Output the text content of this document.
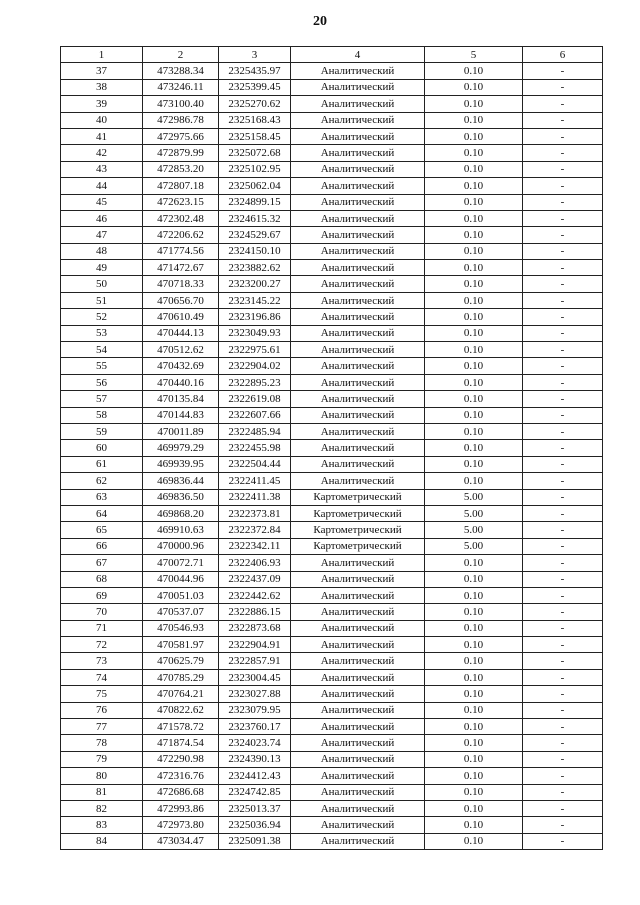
20
1	2	3	4	5	6
37	473288.34	2325435.97	Аналитический	0.10	-
38	473246.11	2325399.45	Аналитический	0.10	-
39	473100.40	2325270.62	Аналитический	0.10	-
40	472986.78	2325168.43	Аналитический	0.10	-
41	472975.66	2325158.45	Аналитический	0.10	-
42	472879.99	2325072.68	Аналитический	0.10	-
43	472853.20	2325102.95	Аналитический	0.10	-
44	472807.18	2325062.04	Аналитический	0.10	-
45	472623.15	2324899.15	Аналитический	0.10	-
46	472302.48	2324615.32	Аналитический	0.10	-
47	472206.62	2324529.67	Аналитический	0.10	-
48	471774.56	2324150.10	Аналитический	0.10	-
49	471472.67	2323882.62	Аналитический	0.10	-
50	470718.33	2323200.27	Аналитический	0.10	-
51	470656.70	2323145.22	Аналитический	0.10	-
52	470610.49	2323196.86	Аналитический	0.10	-
53	470444.13	2323049.93	Аналитический	0.10	-
54	470512.62	2322975.61	Аналитический	0.10	-
55	470432.69	2322904.02	Аналитический	0.10	-
56	470440.16	2322895.23	Аналитический	0.10	-
57	470135.84	2322619.08	Аналитический	0.10	-
58	470144.83	2322607.66	Аналитический	0.10	-
59	470011.89	2322485.94	Аналитический	0.10	-
60	469979.29	2322455.98	Аналитический	0.10	-
61	469939.95	2322504.44	Аналитический	0.10	-
62	469836.44	2322411.45	Аналитический	0.10	-
63	469836.50	2322411.38	Картометрический	5.00	-
64	469868.20	2322373.81	Картометрический	5.00	-
65	469910.63	2322372.84	Картометрический	5.00	-
66	470000.96	2322342.11	Картометрический	5.00	-
67	470072.71	2322406.93	Аналитический	0.10	-
68	470044.96	2322437.09	Аналитический	0.10	-
69	470051.03	2322442.62	Аналитический	0.10	-
70	470537.07	2322886.15	Аналитический	0.10	-
71	470546.93	2322873.68	Аналитический	0.10	-
72	470581.97	2322904.91	Аналитический	0.10	-
73	470625.79	2322857.91	Аналитический	0.10	-
74	470785.29	2323004.45	Аналитический	0.10	-
75	470764.21	2323027.88	Аналитический	0.10	-
76	470822.62	2323079.95	Аналитический	0.10	-
77	471578.72	2323760.17	Аналитический	0.10	-
78	471874.54	2324023.74	Аналитический	0.10	-
79	472290.98	2324390.13	Аналитический	0.10	-
80	472316.76	2324412.43	Аналитический	0.10	-
81	472686.68	2324742.85	Аналитический	0.10	-
82	472993.86	2325013.37	Аналитический	0.10	-
83	472973.80	2325036.94	Аналитический	0.10	-
84	473034.47	2325091.38	Аналитический	0.10	-
